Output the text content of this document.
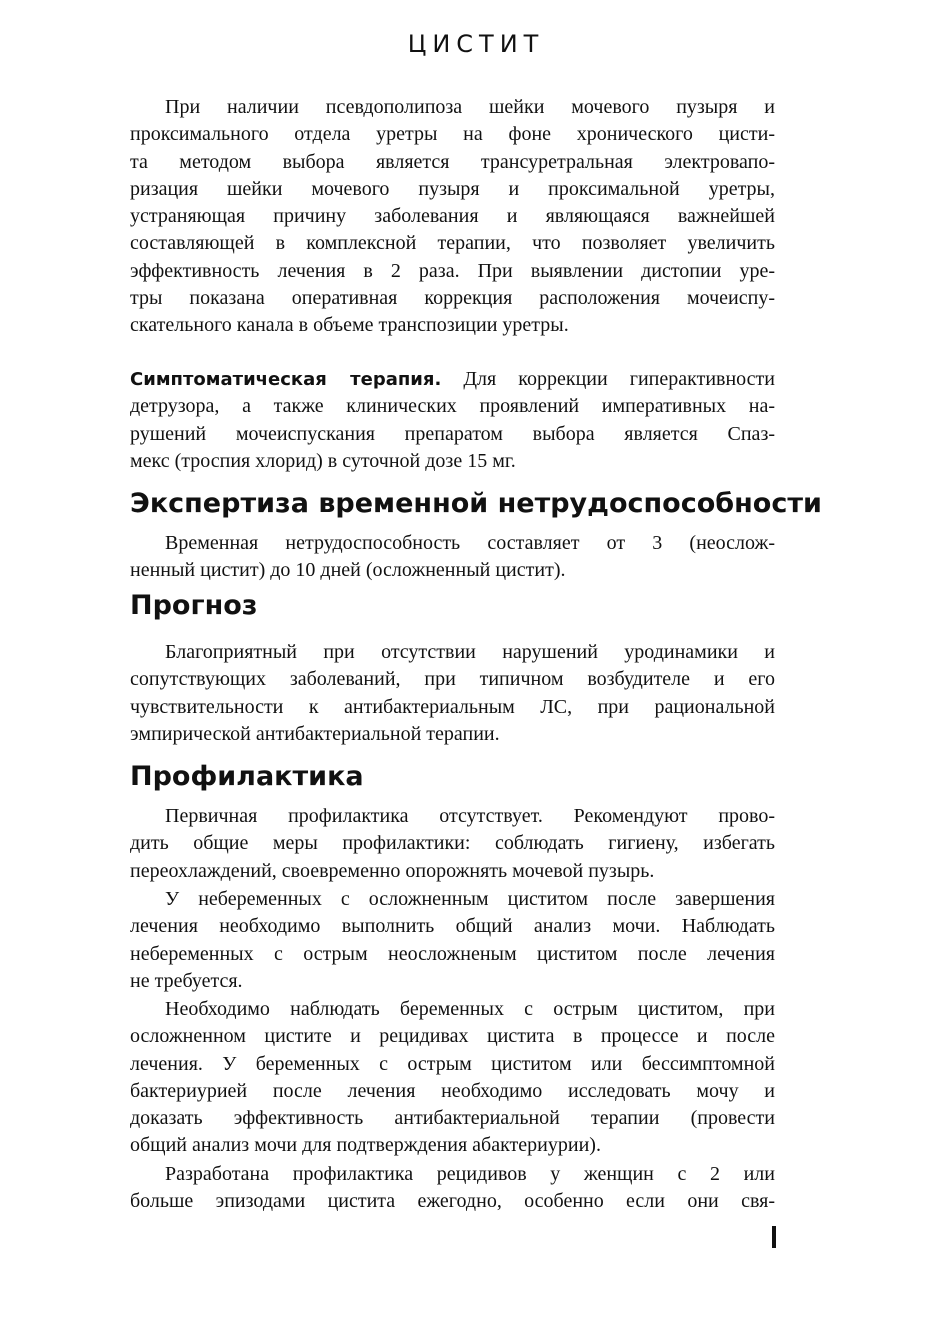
ЦИСТИТ

При наличии псевдополипоза шейки мочевого пузыря и
проксимального отдела уретры на фоне хронического цисти-
та методом выбора является трансуретральная электровапо-
ризация шейки мочевого пузыря и проксимальной уретры,
устраняющая причину заболевания и являющаяся важнейшей
составляющей в комплексной терапии, что позволяет увеличить
эффективность лечения в 2 раза. При выявлении дистопии уре-
тры показана оперативная коррекция расположения мочеиспу-
скательного канала в объеме транспозиции уретры.

Симптоматическая терапия. Для коррекции гиперактивности
детрузора, а также клинических проявлений императивных на-
рушений мочеиспускания препаратом выбора является Спаз-
мекс (троспия хлорид) в суточной дозе 15 мг.

Экспертиза временной нетрудоспособности

Временная нетрудоспособность составляет от 3 (неослож-
ненный цистит) до 10 дней (осложненный цистит).

Прогноз

Благоприятный при отсутствии нарушений уродинамики и
сопутствующих заболеваний, при типичном возбудителе и его
чувствительности к антибактериальным ЛС, при рациональной
эмпирической антибактериальной терапии.

Профилактика

Первичная профилактика отсутствует. Рекомендуют прово-
дить общие меры профилактики: соблюдать гигиену, избегать
переохлаждений, своевременно опорожнять мочевой пузырь.

У небеременных с осложненным циститом после завершения
лечения необходимо выполнить общий анализ мочи. Наблюдать
небеременных с острым неосложненым циститом после лечения
не требуется.

Необходимо наблюдать беременных с острым циститом, при
осложненном цистите и рецидивах цистита в процессе и после
лечения. У беременных с острым циститом или бессимптомной
бактериурией после лечения необходимо исследовать мочу и
доказать эффективность антибактериальной терапии (провести
общий анализ мочи для подтверждения абактериурии).

Разработана профилактика рецидивов у женщин с 2 или
больше эпизодами цистита ежегодно, особенно если они свя-
